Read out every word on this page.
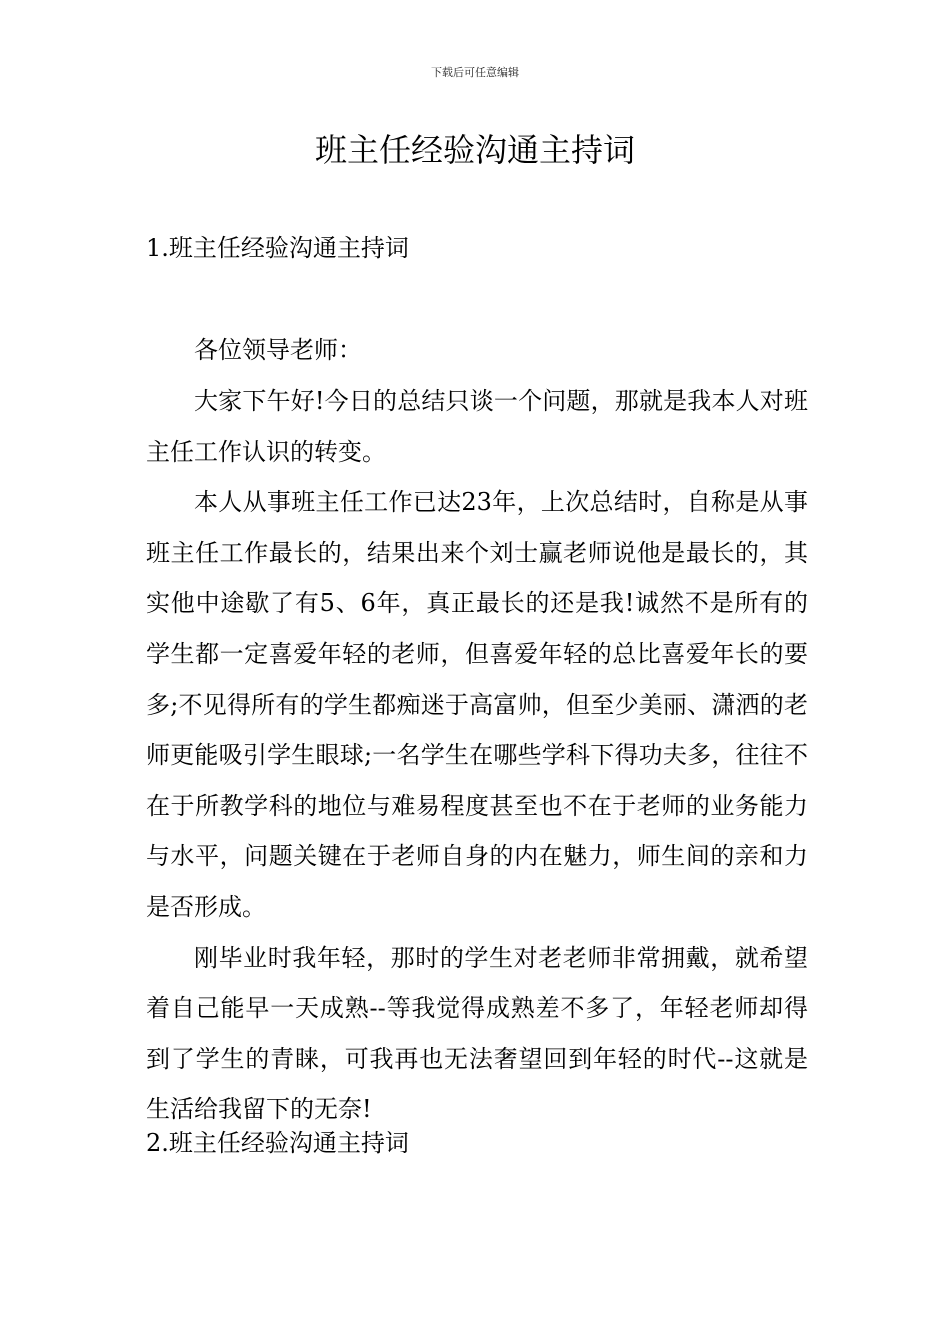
下载后可任意编辑
班主任经验沟通主持词
1.班主任经验沟通主持词

各位领导老师：

大家下午好!今日的总结只谈一个问题，那就是我本人对班主任工作认识的转变。

本人从事班主任工作已达23年，上次总结时，自称是从事班主任工作最长的，结果出来个刘士赢老师说他是最长的，其实他中途歇了有5、6年，真正最长的还是我!诚然不是所有的学生都一定喜爱年轻的老师，但喜爱年轻的总比喜爱年长的要多;不见得所有的学生都痴迷于高富帅，但至少美丽、潇洒的老师更能吸引学生眼球;一名学生在哪些学科下得功夫多，往往不在于所教学科的地位与难易程度甚至也不在于老师的业务能力与水平，问题关键在于老师自身的内在魅力，师生间的亲和力是否形成。

刚毕业时我年轻，那时的学生对老老师非常拥戴，就希望着自己能早一天成熟--等我觉得成熟差不多了，年轻老师却得到了学生的青睐，可我再也无法奢望回到年轻的时代--这就是生活给我留下的无奈!

2.班主任经验沟通主持词
